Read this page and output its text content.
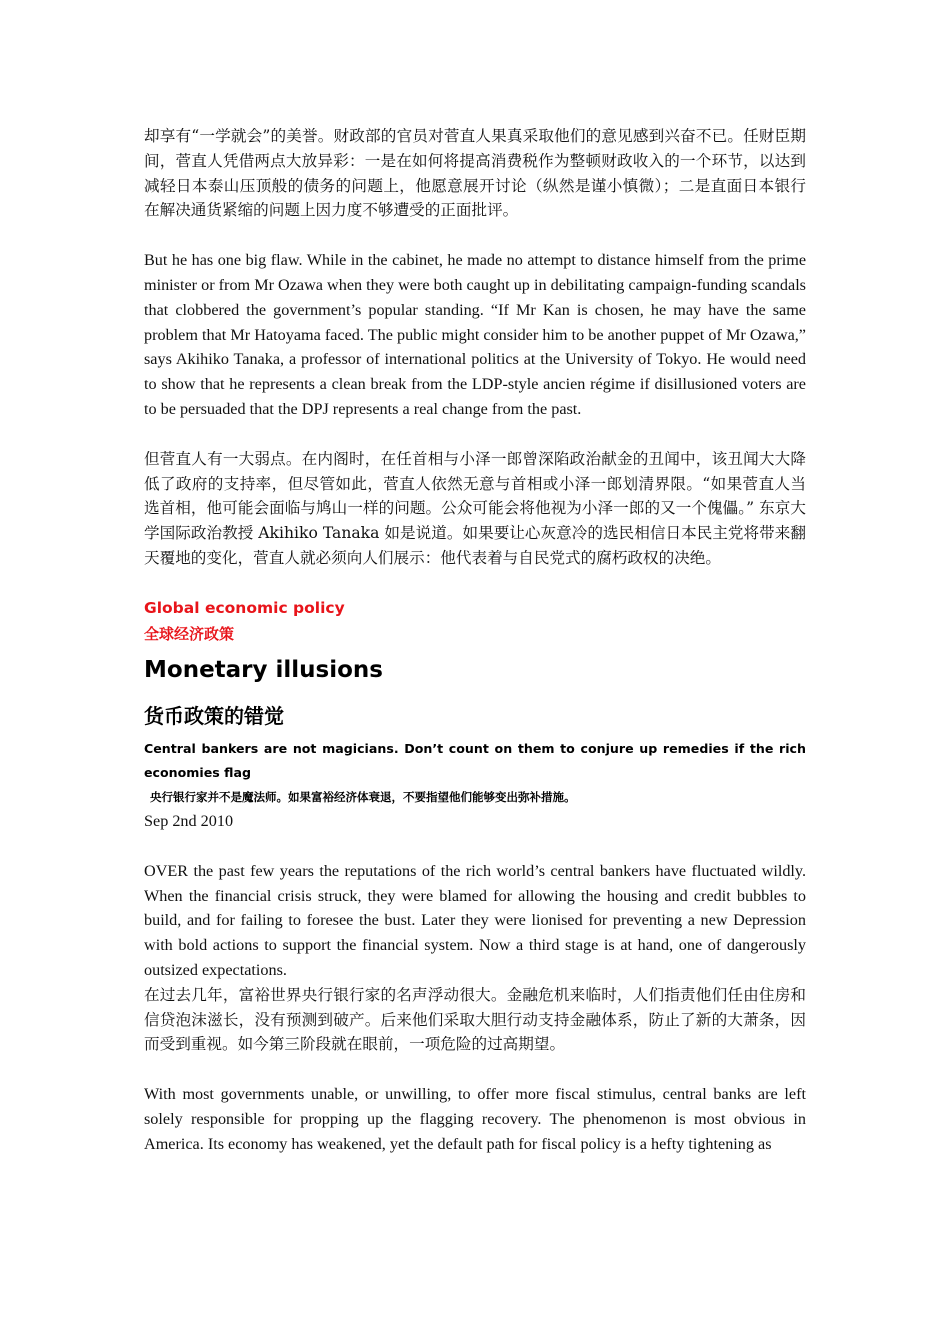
却享有“一学就会”的美誉。财政部的官员对菅直人果真采取他们的意见感到兴奋不已。任财臣期间，菅直人凭借两点大放异彩：一是在如何将提高消费税作为整顿财政收入的一个环节，以达到减轻日本泰山压顶般的债务的问题上，他愿意展开讨论（纵然是谨小慎微）；二是直面日本银行在解决通货紧缩的问题上因力度不够遭受的正面批评。

But he has one big flaw. While in the cabinet, he made no attempt to distance himself from the prime minister or from Mr Ozawa when they were both caught up in debilitating campaign-funding scandals that clobbered the government’s popular standing. “If Mr Kan is chosen, he may have the same problem that Mr Hatoyama faced. The public might consider him to be another puppet of Mr Ozawa,” says Akihiko Tanaka, a professor of international politics at the University of Tokyo. He would need to show that he represents a clean break from the LDP-style ancien régime if disillusioned voters are to be persuaded that the DPJ represents a real change from the past.

但菅直人有一大弱点。在内阁时，在任首相与小泽一郎曾深陷政治献金的丑闻中，该丑闻大大降低了政府的支持率，但尽管如此，菅直人依然无意与首相或小泽一郎划清界限。“如果菅直人当选首相，他可能会面临与鸠山一样的问题。公众可能会将他视为小泽一郎的又一个傀儡。” 东京大学国际政治教授 Akihiko Tanaka 如是说道。如果要让心灰意冷的选民相信日本民主党将带来翻天覆地的变化，菅直人就必须向人们展示：他代表着与自民党式的腐朽政权的决绝。

Global economic policy

全球经济政策

Monetary illusions
货币政策的错觉

Central bankers are not magicians. Don’t count on them to conjure up remedies if the rich economies flag

央行银行家并不是魔法师。如果富裕经济体衰退，不要指望他们能够变出弥补措施。

Sep 2nd 2010

OVER the past few years the reputations of the rich world’s central bankers have fluctuated wildly. When the financial crisis struck, they were blamed for allowing the housing and credit bubbles to build, and for failing to foresee the bust. Later they were lionised for preventing a new Depression with bold actions to support the financial system. Now a third stage is at hand, one of dangerously outsized expectations.

在过去几年，富裕世界央行银行家的名声浮动很大。金融危机来临时，人们指责他们任由住房和信贷泡沫滋长，没有预测到破产。后来他们采取大胆行动支持金融体系，防止了新的大萧条，因而受到重视。如今第三阶段就在眼前，一项危险的过高期望。

With most governments unable, or unwilling, to offer more fiscal stimulus, central banks are left solely responsible for propping up the flagging recovery. The phenomenon is most obvious in America. Its economy has weakened, yet the default path for fiscal policy is a hefty tightening as
